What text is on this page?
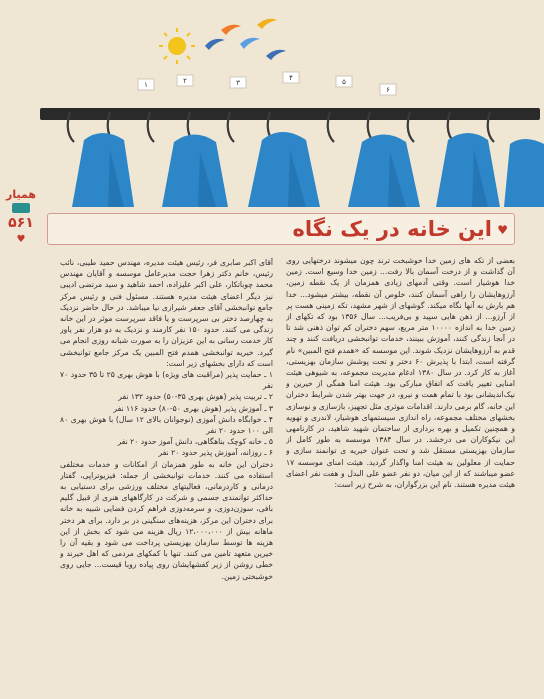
۱	۲	۳
۴	۵
۶
همیار
۵۶۱
♥	این خانه در یک نگاه ♥

بعضی از تکه های زمین خدا خوشبخت ترند چون میشوند درختهایی روی آن گذاشت و از درخت آسمان بالا رفت... زمین خدا وسیع است. زمین خدا هوشیار است. وقتی آدمهای زیادی همزمان از یک نقطه زمین، آرزوهایشان را راهی آسمان کنند، خلوص آن نقطه، بیشتر میشود... خدا هم بارش به آنها نگاه میکند. گوشهای از شهر مشهد، تکه زمینی هست پر از آرزو... از ذهن هایی سپید و بی‌فریب... سال ۱۳۵۶ بود که تکهای از زمین خدا به اندازه ۱۰۰۰۰ متر مربع، سهم دختران کم توان ذهنی شد تا در آنجا زندگی کنند، آموزش ببینند، خدمات توانبخشی دریافت کنند و چند قدم به آرزوهایشان نزدیک شوند. این موسسه که «همدم فتح المبین» نام گرفته است، ابتدا با پذیرش ۶۰ دختر و تحت پوشش سازمان بهزیستی، آغاز به کار کرد. در سال ۱۳۸۰ ادغام مدیریت مجموعه، به شیوهی هیئت امنایی تغییر یافت که اتفاق مبارکی بود. هیئت امنا همگی از خیرین و نیک‌اندیشانی بود با تمام همت و نیرو، در جهت بهتر شدن شرایط دختران این خانه، گام برمی دارند. اقدامات موثری مثل تجهیز، بازسازی و نوسازی بخشهای مختلف مجموعه، راه اندازی سیستمهای هوشیار، لاندری و تهویه و همچنین تکمیل و بهره برداری از ساختمان شهید شاهید، در کارنامهی این نیکوکاران می درخشد. در سال ۱۳۸۴ موسسه به طور کامل از سازمان بهزیستی مستقل شد و تحت عنوان خیریه ی توانمند سازی و حمایت از معلولین به هیئت امنا واگذار گردید. هیئت امنای موسسه ۱۷ عضو میباشند که از این میان، دو نفر عضو علی البدل و هفت نفر اعضای هیئت مدیره هستند. نام این بزرگواران، به شرح زیر است:

آقای اکبر صابری فر، رئیس هیئت مدیره، مهندس حمید طیبی، نائب رئیس، خانم دکتر زهرا حجت مدیرعامل موسسه و آقایان مهندس محمد چوباتکار، علی اکبر علیزاده، احمد شاهید و سید مرتضی ادیبی نیز دیگر اعضای هیئت مدیره هستند. مسئول فنی و رئیس مرکز جامع توانبخشی آقای جعفر شیرازی نیا میباشد. در حال حاضر نزدیک به چهارصد دختر بی سرپرست و یا فاقد سرپرست موثر در این خانه زندگی می کنند. حدود ۱۵۰ نفر کارمند و نزدیک به دو هزار نفر یاور کار خدمت رسانی به این عزیزان را به صورت شبانه روزی انجام می گیرد. خیریه توانبخشی همدم فتح المبین یک مرکز جامع توانبخشی است که دارای بخشهای زیر است:
۱ ـ حمایت پذیر (مراقبت های ویژه) با هوش بهری ۲۵ تا ۳۵ حدود ۷۰ نفر
۲ ـ تربیت پذیر (هوش بهری ۳۵-۵۰) حدود ۱۳۲ نفر
۳ ـ آموزش پذیر (هوش بهری ۵۰-۸۰) حدود ۱۱۶ نفر
۴ ـ خوابگاه دانش آموزی (نوجوانان بالای ۱۲ سال) با هوش بهری ۸۰ الی ۱۰۰ حدود ۲۰ نفر
۵ ـ خانه کوچک بناهگاهی، دانش آموز حدود ۲۰ نفر
۶ ـ روزانه، آموزش پذیر حدود ۲۰ نفر
دختران این خانه به طور همزمان از امکانات و خدمات مختلفی استفاده می کنند. خدمات توانبخشی از جمله: فیزیوتراپی، گفتار درمانی و کاردرمانی، فعالیتهای مختلف ورزشی برای دستیابی به حداکثر توانمندی جسمی و شرکت در کارگاههای هنری از قبیل گلیم بافی، سوزن‌دوزی، و سرمه‌دوزی فراهم کردن فضایی شبیه به خانه برای دختران این مرکز، هزینه‌های سنگینی در بر دارد. برای هر دختر ماهانه بیش از ۱۲،۰۰۰،۰۰۰ ریال هزینه می شود که بخش از این هزینه ها توسط سازمان بهزیستی پرداخت می شود و بقیه آن را خیرین متعهد تامین می کنند. تنها با کمکهای مردمی که اهل خیرند و خطی روشن از زیر کفشهایشان روی پیاده روبا قیست... جایی روی خوشبختی زمین.
